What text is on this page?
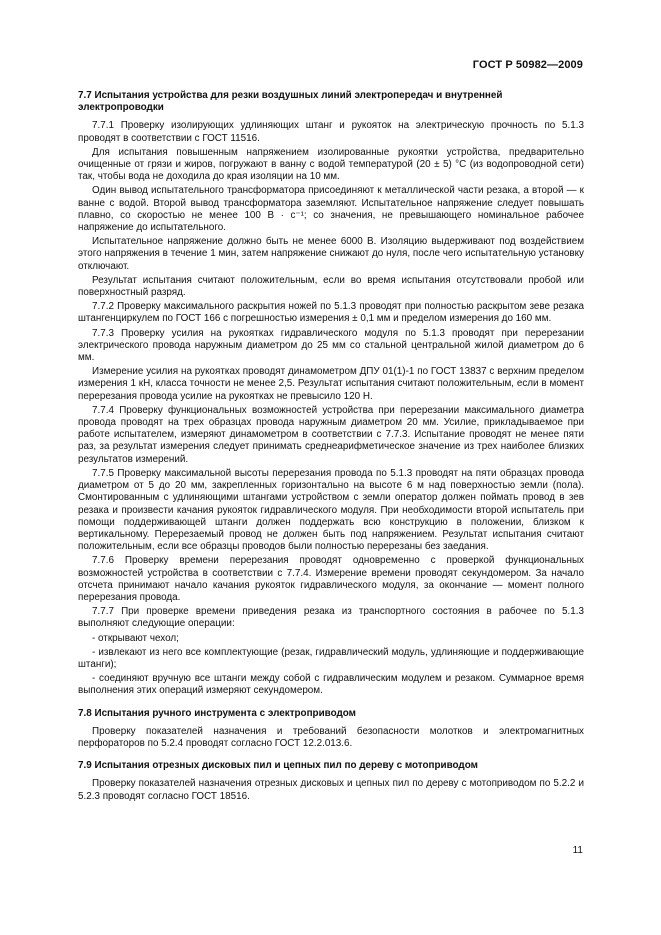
ГОСТ Р 50982—2009
7.7 Испытания устройства для резки воздушных линий электропередач и внутренней электропроводки

7.7.1 Проверку изолирующих удлиняющих штанг и рукояток на электрическую прочность по 5.1.3 проводят в соответствии с ГОСТ 11516.

Для испытания повышенным напряжением изолированные рукоятки устройства, предварительно очищенные от грязи и жиров, погружают в ванну с водой температурой (20 ± 5) °С (из водопроводной сети) так, чтобы вода не доходила до края изоляции на 10 мм.

Один вывод испытательного трансформатора присоединяют к металлической части резака, а второй — к ванне с водой. Второй вывод трансформатора заземляют. Испытательное напряжение следует повышать плавно, со скоростью не менее 100 В · с⁻¹; со значения, не превышающего номинальное рабочее напряжение до испытательного.

Испытательное напряжение должно быть не менее 6000 В. Изоляцию выдерживают под воздействием этого напряжения в течение 1 мин, затем напряжение снижают до нуля, после чего испытательную установку отключают.

Результат испытания считают положительным, если во время испытания отсутствовали пробой или поверхностный разряд.

7.7.2 Проверку максимального раскрытия ножей по 5.1.3 проводят при полностью раскрытом зеве резака штангенциркулем по ГОСТ 166 с погрешностью измерения ± 0,1 мм и пределом измерения до 160 мм.

7.7.3 Проверку усилия на рукоятках гидравлического модуля по 5.1.3 проводят при перерезании электрического провода наружным диаметром до 25 мм со стальной центральной жилой диаметром до 6 мм.

Измерение усилия на рукоятках проводят динамометром ДПУ 01(1)-1 по ГОСТ 13837 с верхним пределом измерения 1 кН, класса точности не менее 2,5. Результат испытания считают положительным, если в момент перерезания провода усилие на рукоятках не превысило 120 Н.

7.7.4 Проверку функциональных возможностей устройства при перерезании максимального диаметра провода проводят на трех образцах провода наружным диаметром 20 мм. Усилие, прикладываемое при работе испытателем, измеряют динамометром в соответствии с 7.7.3. Испытание проводят не менее пяти раз, за результат измерения следует принимать среднеарифметическое значение из трех наиболее близких результатов измерений.

7.7.5 Проверку максимальной высоты перерезания провода по 5.1.3 проводят на пяти образцах провода диаметром от 5 до 20 мм, закрепленных горизонтально на высоте 6 м над поверхностью земли (пола). Смонтированным с удлиняющими штангами устройством с земли оператор должен поймать провод в зев резака и произвести качания рукояток гидравлического модуля. При необходимости второй испытатель при помощи поддерживающей штанги должен поддержать всю конструкцию в положении, близком к вертикальному. Перерезаемый провод не должен быть под напряжением. Результат испытания считают положительным, если все образцы проводов были полностью перерезаны без заедания.

7.7.6 Проверку времени перерезания проводят одновременно с проверкой функциональных возможностей устройства в соответствии с 7.7.4. Измерение времени проводят секундомером. За начало отсчета принимают начало качания рукояток гидравлического модуля, за окончание — момент полного перерезания провода.

7.7.7 При проверке времени приведения резака из транспортного состояния в рабочее по 5.1.3 выполняют следующие операции:

- открывают чехол;

- извлекают из него все комплектующие (резак, гидравлический модуль, удлиняющие и поддерживающие штанги);

- соединяют вручную все штанги между собой с гидравлическим модулем и резаком. Суммарное время выполнения этих операций измеряют секундомером.

7.8 Испытания ручного инструмента с электроприводом

Проверку показателей назначения и требований безопасности молотков и электромагнитных перфораторов по 5.2.4 проводят согласно ГОСТ 12.2.013.6.

7.9 Испытания отрезных дисковых пил и цепных пил по дереву с мотоприводом

Проверку показателей назначения отрезных дисковых и цепных пил по дереву с мотоприводом по 5.2.2 и 5.2.3 проводят согласно ГОСТ 18516.

11
